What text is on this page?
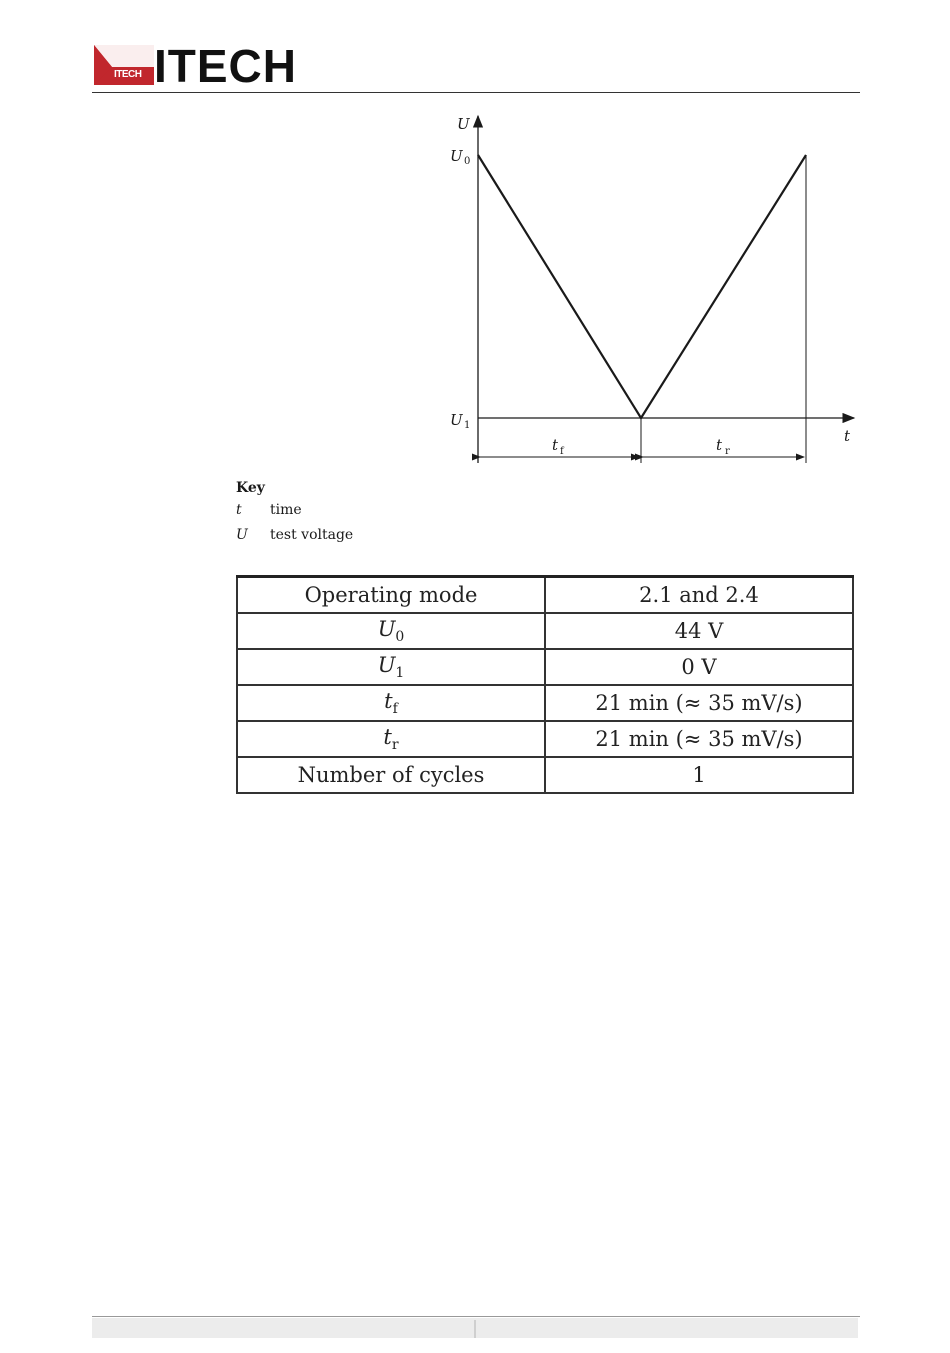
ITECH ITECH
U
t
U 0
U 1
t f	t r
Key
t	time
U	test voltage
Operating mode	2.1 and 2.4
$U_0$	44 V
$U_1$	0 V
$t_f$	21 min (≈ 35 mV/s)
$t_r$	21 min (≈ 35 mV/s)
Number of cycles	1
